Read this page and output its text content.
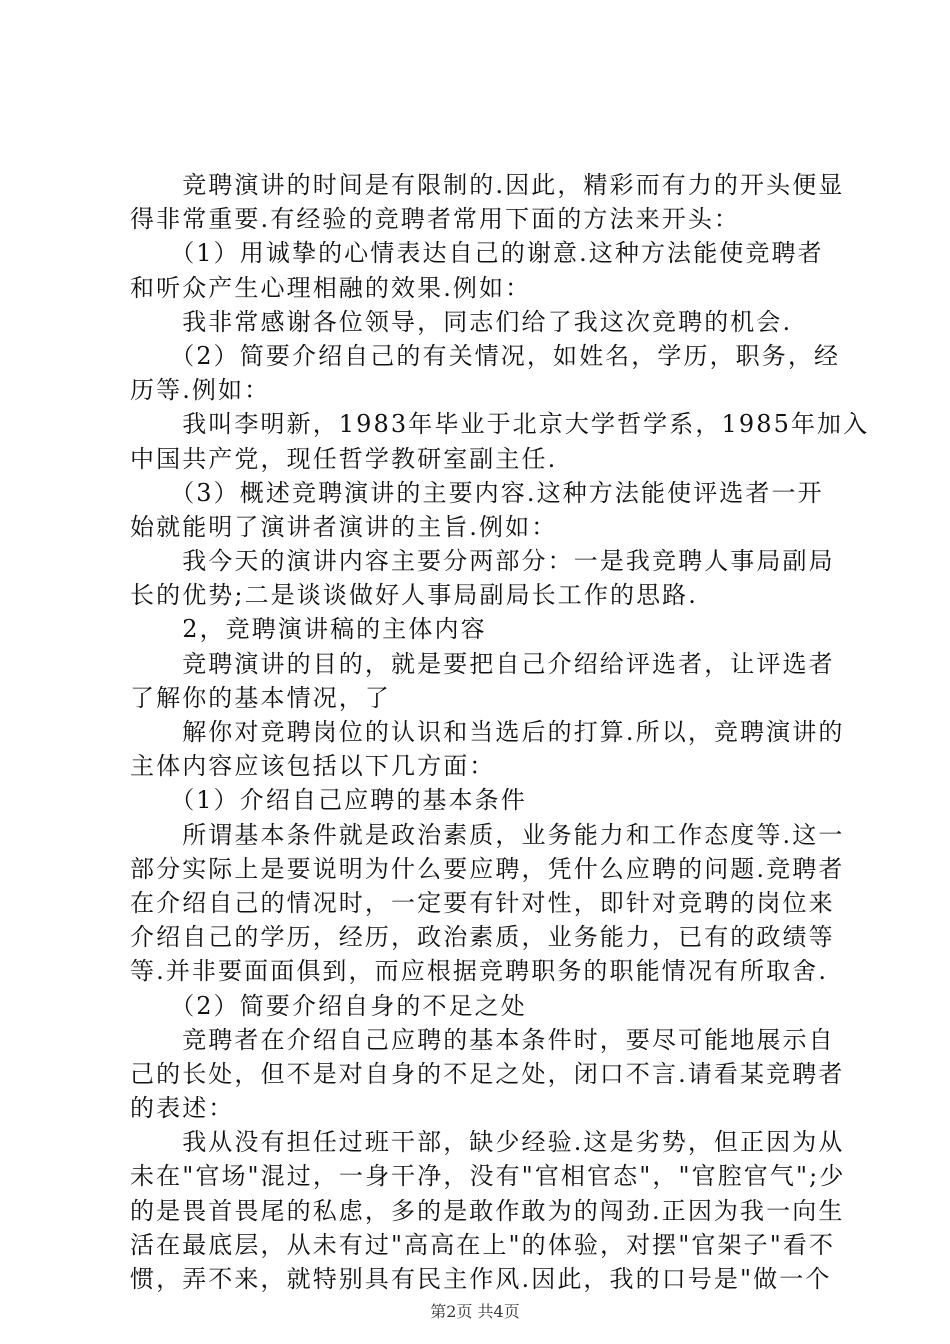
　　竞聘演讲的时间是有限制的.因此，精彩而有力的开头便显
得非常重要.有经验的竞聘者常用下面的方法来开头：
　　（1）用诚挚的心情表达自己的谢意.这种方法能使竞聘者
和听众产生心理相融的效果.例如：
　　我非常感谢各位领导，同志们给了我这次竞聘的机会.
　　（2）简要介绍自己的有关情况，如姓名，学历，职务，经
历等.例如：
　　我叫李明新，1983年毕业于北京大学哲学系，1985年加入
中国共产党，现任哲学教研室副主任.
　　（3）概述竞聘演讲的主要内容.这种方法能使评选者一开
始就能明了演讲者演讲的主旨.例如：
　　我今天的演讲内容主要分两部分：一是我竞聘人事局副局
长的优势;二是谈谈做好人事局副局长工作的思路.
　　2，竞聘演讲稿的主体内容
　　竞聘演讲的目的，就是要把自己介绍给评选者，让评选者
了解你的基本情况，了
　　解你对竞聘岗位的认识和当选后的打算.所以，竞聘演讲的
主体内容应该包括以下几方面：
　　（1）介绍自己应聘的基本条件
　　所谓基本条件就是政治素质，业务能力和工作态度等.这一
部分实际上是要说明为什么要应聘，凭什么应聘的问题.竞聘者
在介绍自己的情况时，一定要有针对性，即针对竞聘的岗位来
介绍自己的学历，经历，政治素质，业务能力，已有的政绩等
等.并非要面面俱到，而应根据竞聘职务的职能情况有所取舍.
　　（2）简要介绍自身的不足之处
　　竞聘者在介绍自己应聘的基本条件时，要尽可能地展示自
己的长处，但不是对自身的不足之处，闭口不言.请看某竞聘者
的表述：
　　我从没有担任过班干部，缺少经验.这是劣势，但正因为从
未在"官场"混过，一身干净，没有"官相官态"，"官腔官气";少
的是畏首畏尾的私虑，多的是敢作敢为的闯劲.正因为我一向生
活在最底层，从未有过"高高在上"的体验，对摆"官架子"看不
惯，弄不来，就特别具有民主作风.因此，我的口号是"做一个
第2页 共4页
